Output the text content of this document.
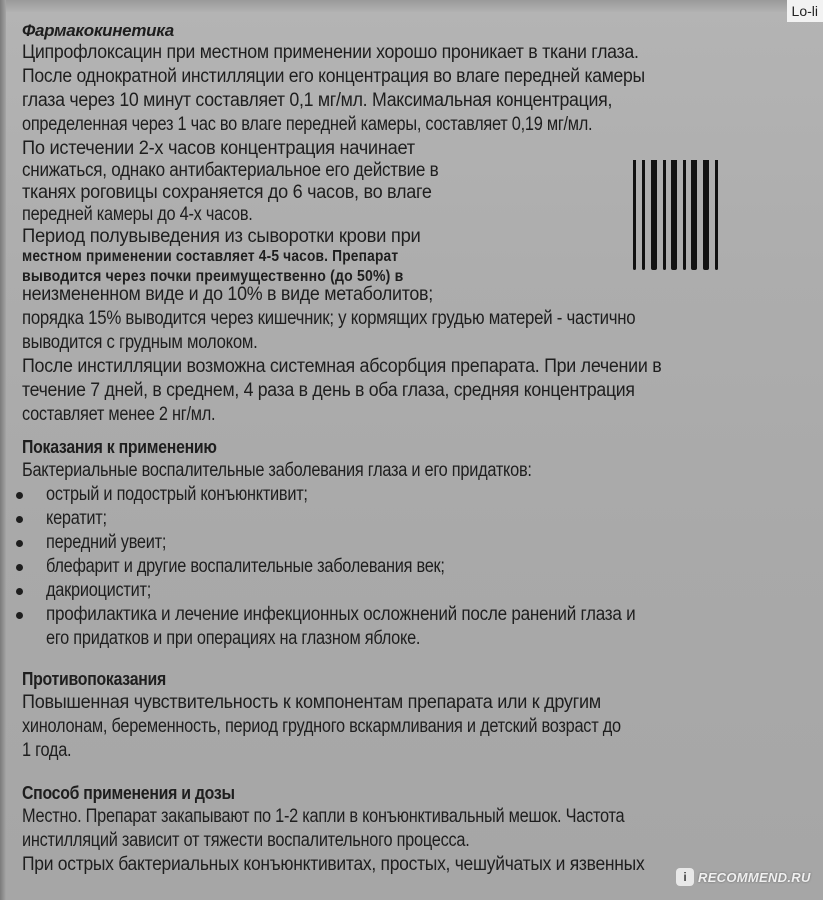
Фармакокинетика
Ципрофлоксацин при местном применении хорошо проникает в ткани глаза.
После однократной инстилляции его концентрация во влаге передней камеры
глаза через 10 минут составляет 0,1 мг/мл. Максимальная концентрация,
определенная через 1 час во влаге передней камеры, составляет 0,19 мг/мл.
По истечении 2-х часов концентрация начинает
снижаться, однако антибактериальное его действие в
тканях роговицы сохраняется до 6 часов, во влаге
передней камеры до 4-х часов.
Период полувыведения из сыворотки крови при
местном применении составляет 4-5 часов. Препарат
выводится через почки преимущественно (до 50%) в
неизмененном виде и до 10% в виде метаболитов;
порядка 15% выводится через кишечник; у кормящих грудью матерей - частично
выводится с грудным молоком.
После инстилляции возможна системная абсорбция препарата. При лечении в
течение 7 дней, в среднем, 4 раза в день в оба глаза, средняя концентрация
составляет менее 2 нг/мл.
Показания к применению
Бактериальные воспалительные заболевания глаза и его придатков:
острый и подострый конъюнктивит;
кератит;
передний увеит;
блефарит и другие воспалительные заболевания век;
дакриоцистит;
профилактика и лечение инфекционных осложнений после ранений глаза и
его придатков и при операциях на глазном яблоке.
Противопоказания
Повышенная чувствительность к компонентам препарата или к другим
хинолонам, беременность, период грудного вскармливания и детский возраст до
1 года.
Способ применения и дозы
Местно. Препарат закапывают по 1-2 капли в конъюнктивальный мешок. Частота
инстилляций зависит от тяжести воспалительного процесса.
При острых бактериальных конъюнктивитах, простых, чешуйчатых и язвенных
Lo-li
i RECOMMEND.RU
